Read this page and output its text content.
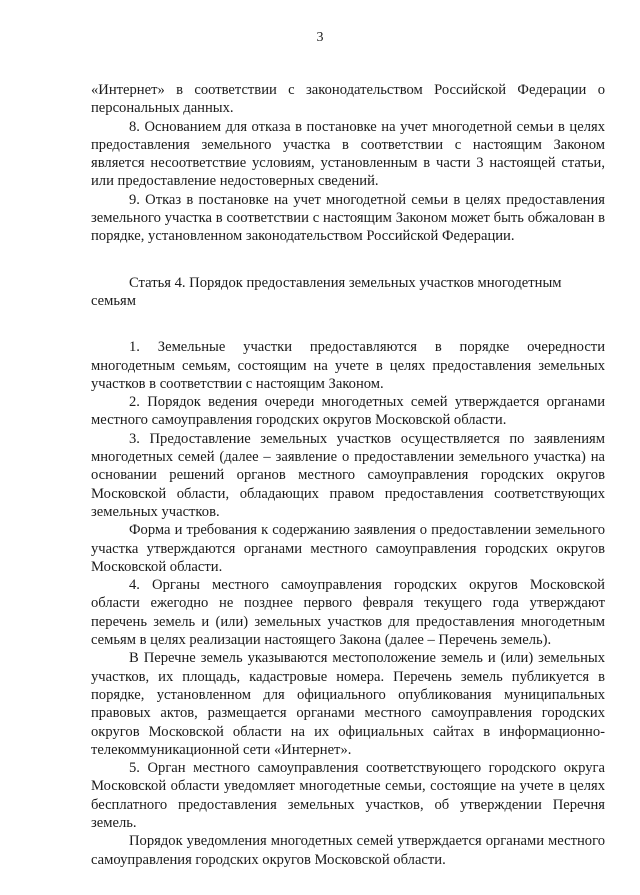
3

«Интернет» в соответствии с законодательством Российской Федерации о персональных данных.

8. Основанием для отказа в постановке на учет многодетной семьи в целях предоставления земельного участка в соответствии с настоящим Законом является несоответствие условиям, установленным в части 3 настоящей статьи, или предоставление недостоверных сведений.

9. Отказ в постановке на учет многодетной семьи в целях предоставления земельного участка в соответствии с настоящим Законом может быть обжалован в порядке, установленном законодательством Российской Федерации.

Статья 4. Порядок предоставления земельных участков многодетным семьям

1. Земельные участки предоставляются в порядке очередности многодетным семьям, состоящим на учете в целях предоставления земельных участков в соответствии с настоящим Законом.

2. Порядок ведения очереди многодетных семей утверждается органами местного самоуправления городских округов Московской области.

3. Предоставление земельных участков осуществляется по заявлениям многодетных семей (далее – заявление о предоставлении земельного участка) на основании решений органов местного самоуправления городских округов Московской области, обладающих правом предоставления соответствующих земельных участков.

Форма и требования к содержанию заявления о предоставлении земельного участка утверждаются органами местного самоуправления городских округов Московской области.

4. Органы местного самоуправления городских округов Московской области ежегодно не позднее первого февраля текущего года утверждают перечень земель и (или) земельных участков для предоставления многодетным семьям в целях реализации настоящего Закона (далее – Перечень земель).

В Перечне земель указываются местоположение земель и (или) земельных участков, их площадь, кадастровые номера. Перечень земель публикуется в порядке, установленном для официального опубликования муниципальных правовых актов, размещается органами местного самоуправления городских округов Московской области на их официальных сайтах в информационно-телекоммуникационной сети «Интернет».

5. Орган местного самоуправления соответствующего городского округа Московской области уведомляет многодетные семьи, состоящие на учете в целях бесплатного предоставления земельных участков, об утверждении Перечня земель.

Порядок уведомления многодетных семей утверждается органами местного самоуправления городских округов Московской области.
